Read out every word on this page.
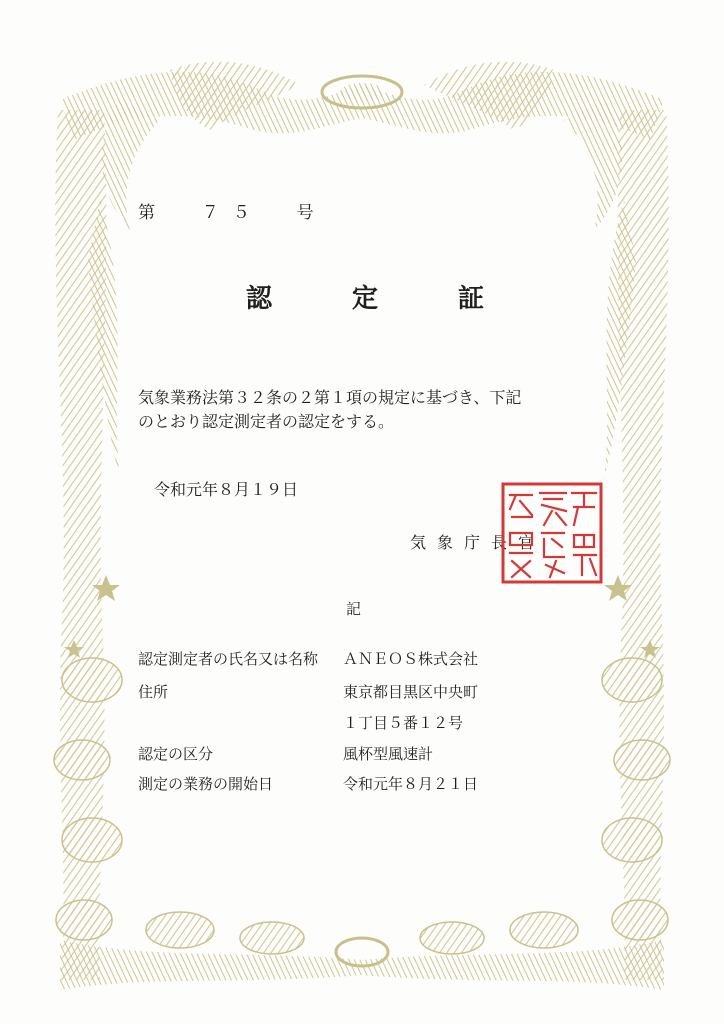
第	７５ 号
認	定	証
気象業務法第３２条の２第１項の規定に基づき、下記
のとおり認定測定者の認定をする。
令和元年８月１９日
気象庁長官
記
認定測定者の氏名又は名称 ＡＮＥＯＳ株式会社
住所	東京都目黒区中央町
１丁目５番１２号
認定の区分	風杯型風速計
測定の業務の開始日	令和元年８月２１日
